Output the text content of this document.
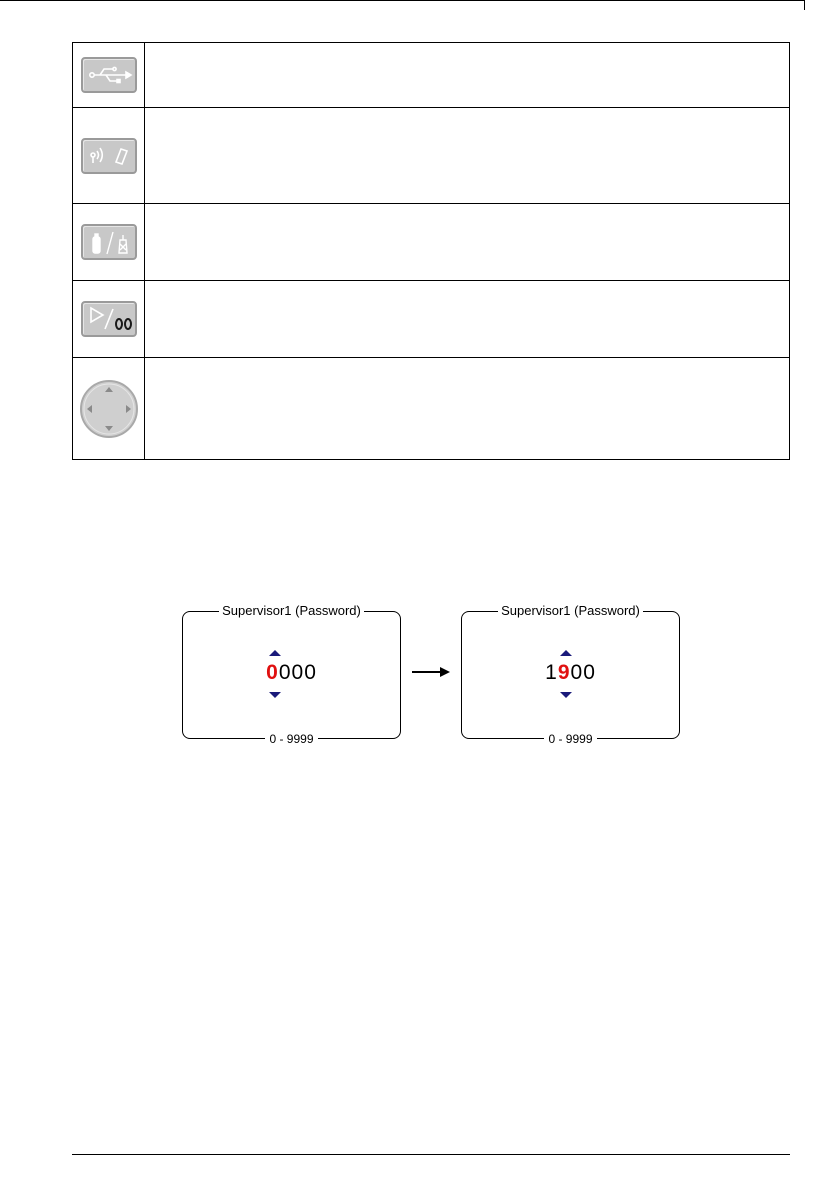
Supervisor1 (Password)
0000
0 - 9999
Supervisor1 (Password)
1900
0 - 9999
